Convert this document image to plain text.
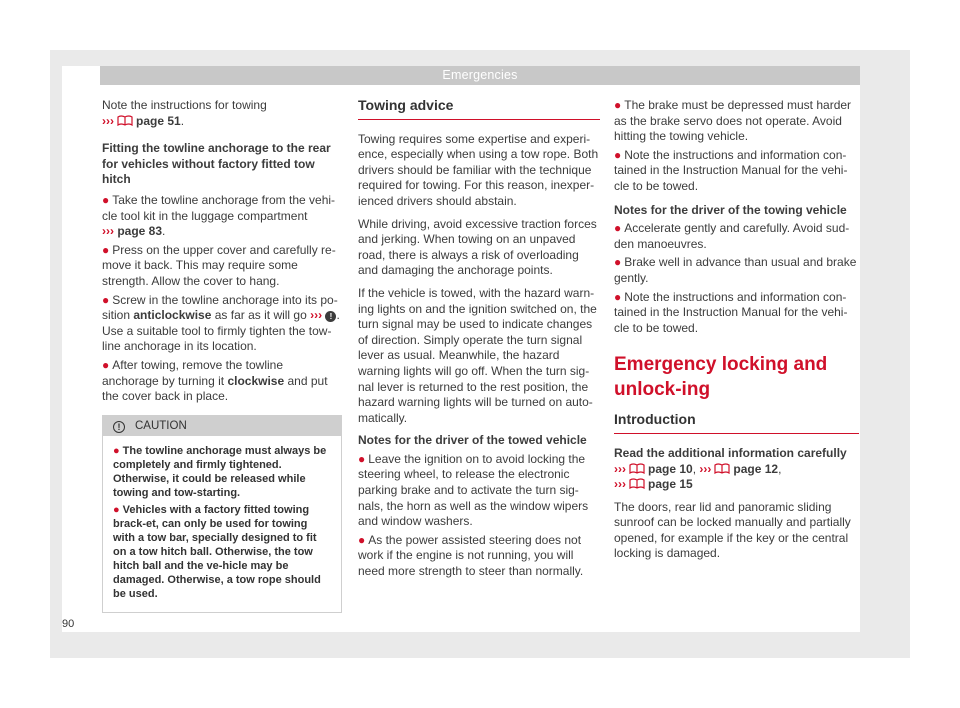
Emergencies

Note the instructions for towing
››› page 51.

Fitting the towline anchorage to the rear for vehicles without factory fitted tow hitch

● Take the towline anchorage from the vehi-cle tool kit in the luggage compartment
››› page 83.
● Press on the upper cover and carefully re-move it back. This may require some strength. Allow the cover to hang.
● Screw in the towline anchorage into its po-sition anticlockwise as far as it will go ››› ! . Use a suitable tool to firmly tighten the tow-line anchorage in its location.
● After towing, remove the towline anchorage by turning it clockwise and put the cover back in place.
! CAUTION
● The towline anchorage must always be completely and firmly tightened. Otherwise, it could be released while towing and tow-starting.
● Vehicles with a factory fitted towing brack-et, can only be used for towing with a tow bar, specially designed to fit on a tow hitch ball. Otherwise, the tow hitch ball and the ve-hicle may be damaged. Otherwise, a tow rope should be used.
Towing advice

Towing requires some expertise and experi-ence, especially when using a tow rope. Both drivers should be familiar with the technique required for towing. For this reason, inexper-ienced drivers should abstain.

While driving, avoid excessive traction forces and jerking. When towing on an unpaved road, there is always a risk of overloading and damaging the anchorage points.

If the vehicle is towed, with the hazard warn-ing lights on and the ignition switched on, the turn signal may be used to indicate changes of direction. Simply operate the turn signal lever as usual. Meanwhile, the hazard warning lights will go off. When the turn sig-nal lever is returned to the rest position, the hazard warning lights will be turned on auto-matically.

Notes for the driver of the towed vehicle

● Leave the ignition on to avoid locking the steering wheel, to release the electronic parking brake and to activate the turn sig-nals, the horn as well as the window wipers and window washers.
● As the power assisted steering does not work if the engine is not running, you will need more strength to steer than normally.
● The brake must be depressed must harder as the brake servo does not operate. Avoid hitting the towing vehicle.
● Note the instructions and information con-tained in the Instruction Manual for the vehi-cle to be towed.

Notes for the driver of the towing vehicle

● Accelerate gently and carefully. Avoid sud-den manoeuvres.
● Brake well in advance than usual and brake gently.
● Note the instructions and information con-tained in the Instruction Manual for the vehi-cle to be towed.
Emergency locking and unlock-ing
Introduction

Read the additional information carefully
››› page 10, ››› page 12,
››› page 15

The doors, rear lid and panoramic sliding sunroof can be locked manually and partially opened, for example if the key or the central locking is damaged.

90
